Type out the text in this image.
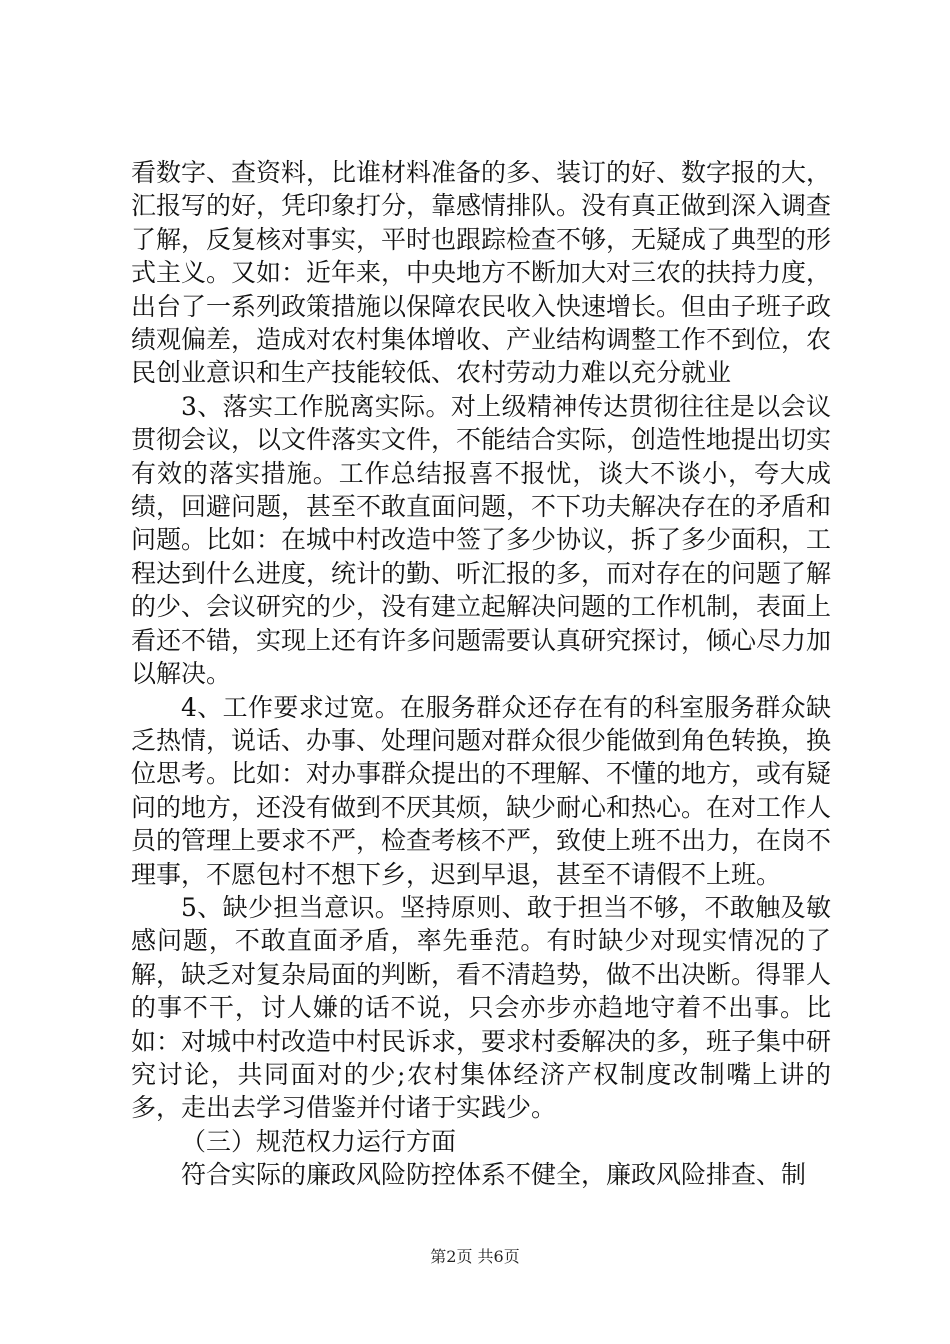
看数字、查资料，比谁材料准备的多、装订的好、数字报的大，汇报写的好，凭印象打分，靠感情排队。没有真正做到深入调查了解，反复核对事实，平时也跟踪检查不够，无疑成了典型的形式主义。又如：近年来，中央地方不断加大对三农的扶持力度，出台了一系列政策措施以保障农民收入快速增长。但由子班子政绩观偏差，造成对农村集体增收、产业结构调整工作不到位，农民创业意识和生产技能较低、农村劳动力难以充分就业

3、落实工作脱离实际。对上级精神传达贯彻往往是以会议贯彻会议，以文件落实文件，不能结合实际，创造性地提出切实有效的落实措施。工作总结报喜不报忧，谈大不谈小，夸大成绩，回避问题，甚至不敢直面问题，不下功夫解决存在的矛盾和问题。比如：在城中村改造中签了多少协议，拆了多少面积，工程达到什么进度，统计的勤、听汇报的多，而对存在的问题了解的少、会议研究的少，没有建立起解决问题的工作机制，表面上看还不错，实现上还有许多问题需要认真研究探讨，倾心尽力加以解决。

4、工作要求过宽。在服务群众还存在有的科室服务群众缺乏热情，说话、办事、处理问题对群众很少能做到角色转换，换位思考。比如：对办事群众提出的不理解、不懂的地方，或有疑问的地方，还没有做到不厌其烦，缺少耐心和热心。在对工作人员的管理上要求不严，检查考核不严，致使上班不出力，在岗不理事，不愿包村不想下乡，迟到早退，甚至不请假不上班。

5、缺少担当意识。坚持原则、敢于担当不够，不敢触及敏感问题，不敢直面矛盾，率先垂范。有时缺少对现实情况的了解，缺乏对复杂局面的判断，看不清趋势，做不出决断。得罪人的事不干，讨人嫌的话不说，只会亦步亦趋地守着不出事。比如：对城中村改造中村民诉求，要求村委解决的多，班子集中研究讨论，共同面对的少;农村集体经济产权制度改制嘴上讲的多，走出去学习借鉴并付诸于实践少。

（三）规范权力运行方面

符合实际的廉政风险防控体系不健全，廉政风险排查、制

第2页 共6页
